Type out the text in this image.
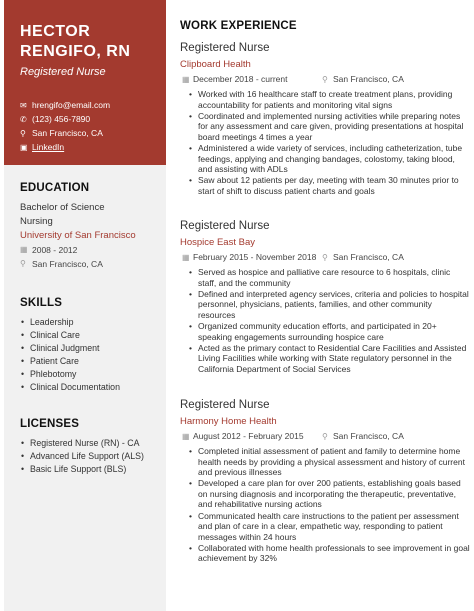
HECTOR
RENGIFO, RN
Registered Nurse
✉ hrengifo@email.com
✆ (123) 456-7890
⚲ San Francisco, CA
▣ LinkedIn
EDUCATION
Bachelor of Science
Nursing
University of San Francisco
▦ 2008 - 2012
⚲ San Francisco, CA
SKILLS
• Leadership
• Clinical Care
• Clinical Judgment
• Patient Care
• Phlebotomy
• Clinical Documentation
LICENSES
• Registered Nurse (RN) - CA
• Advanced Life Support (ALS)
• Basic Life Support (BLS)
WORK EXPERIENCE
Registered Nurse
Clipboard Health
▦ December 2018 - current	⚲ San Francisco, CA
• Worked with 16 healthcare staff to create treatment plans, providing accountability for patients and monitoring vital signs
• Coordinated and implemented nursing activities while preparing notes for any assessment and care given, providing presentations at hospital board meetings 4 times a year
• Administered a wide variety of services, including catheterization, tube feedings, applying and changing bandages, colostomy, taking blood, and assisting with ADLs
• Saw about 12 patients per day, meeting with team 30 minutes prior to start of shift to discuss patient charts and goals
Registered Nurse
Hospice East Bay
▦ February 2015 - November 2018 ⚲ San Francisco, CA
• Served as hospice and palliative care resource to 6 hospitals, clinic staff, and the community
• Defined and interpreted agency services, criteria and policies to hospital personnel, physicians, patients, families, and other community resources
• Organized community education efforts, and participated in 20+ speaking engagements surrounding hospice care
• Acted as the primary contact to Residential Care Facilities and Assisted Living Facilities while working with State regulatory personnel in the California Department of Social Services
Registered Nurse
Harmony Home Health
▦ August 2012 - February 2015 ⚲ San Francisco, CA
• Completed initial assessment of patient and family to determine home health needs by providing a physical assessment and history of current and previous illnesses
• Developed a care plan for over 200 patients, establishing goals based on nursing diagnosis and incorporating the therapeutic, preventative, and rehabilitative nursing actions
• Communicated health care instructions to the patient per assessment and plan of care in a clear, empathetic way, responding to patient messages within 24 hours
• Collaborated with home health professionals to see improvement in goal achievement by 32%
